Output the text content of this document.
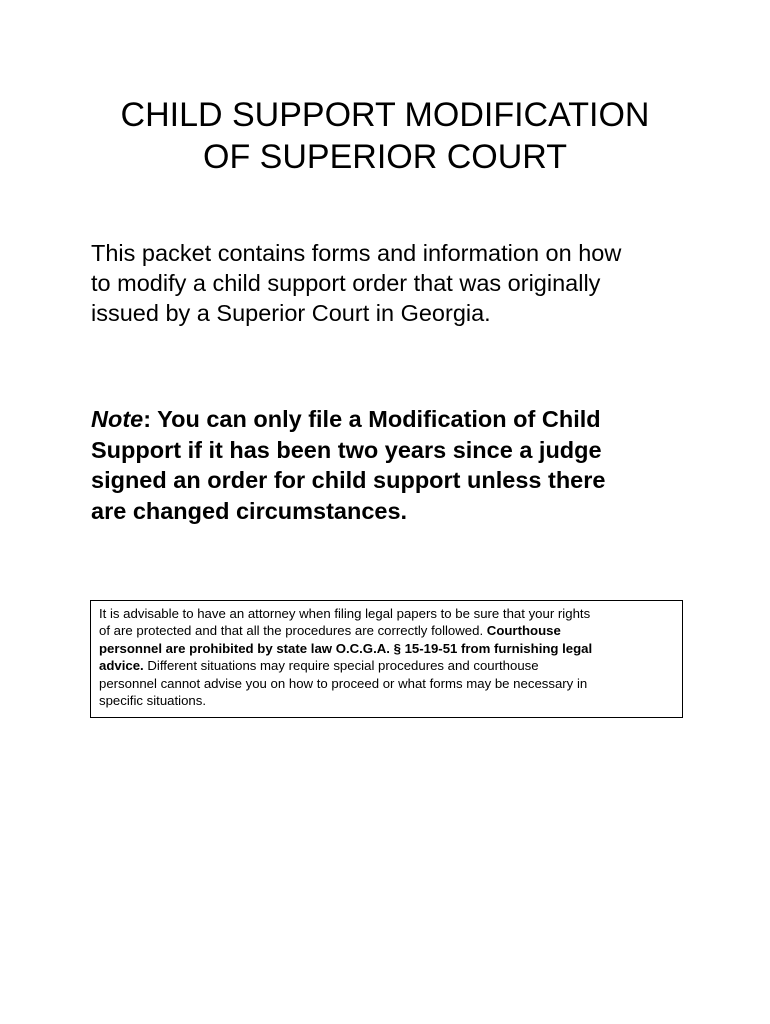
CHILD SUPPORT MODIFICATION
OF SUPERIOR COURT

This packet contains forms and information on how
to modify a child support order that was originally
issued by a Superior Court in Georgia.

Note: You can only file a Modification of Child
Support if it has been two years since a judge
signed an order for child support unless there
are changed circumstances.

It is advisable to have an attorney when filing legal papers to be sure that your rights
of are protected and that all the procedures are correctly followed. Courthouse
personnel are prohibited by state law O.C.G.A. § 15-19-51 from furnishing legal
advice. Different situations may require special procedures and courthouse
personnel cannot advise you on how to proceed or what forms may be necessary in
specific situations.
